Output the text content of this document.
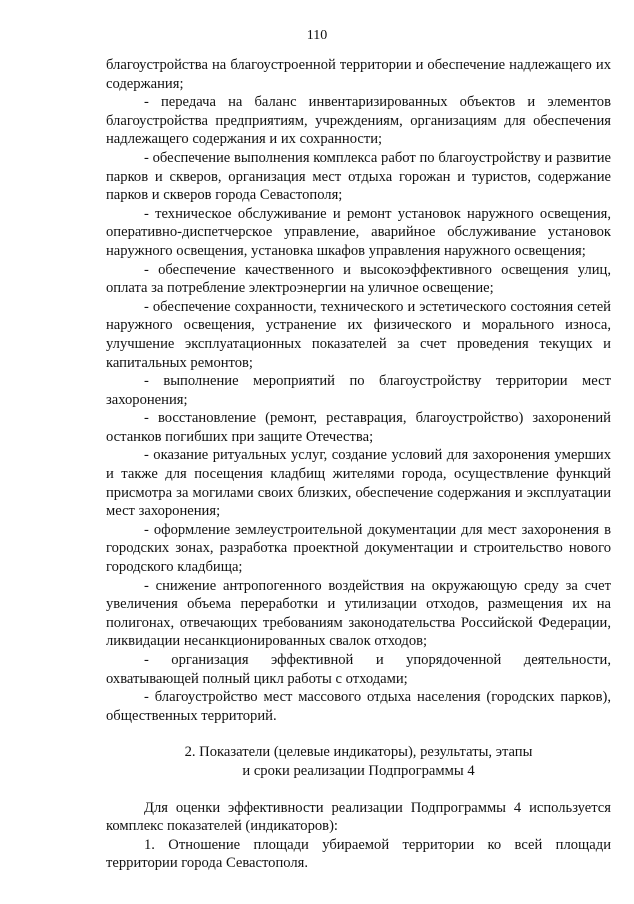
110

благоустройства на благоустроенной территории и обеспечение надлежащего их содержания;

- передача на баланс инвентаризированных объектов и элементов благоустройства предприятиям, учреждениям, организациям для обеспечения надлежащего содержания и их сохранности;

- обеспечение выполнения комплекса работ по благоустройству и развитие парков и скверов, организация мест отдыха горожан и туристов, содержание парков и скверов города Севастополя;

- техническое обслуживание и ремонт установок наружного освещения, оперативно-диспетчерское управление, аварийное обслуживание установок наружного освещения, установка шкафов управления наружного освещения;

- обеспечение качественного и высокоэффективного освещения улиц, оплата за потребление электроэнергии на уличное освещение;

- обеспечение сохранности, технического и эстетического состояния сетей наружного освещения, устранение их физического и морального износа, улучшение эксплуатационных показателей за счет проведения текущих и капитальных ремонтов;

- выполнение мероприятий по благоустройству территории мест захоронения;

- восстановление (ремонт, реставрация, благоустройство) захоронений останков погибших при защите Отечества;

- оказание ритуальных услуг, создание условий для захоронения умерших и также для посещения кладбищ жителями города, осуществление функций присмотра за могилами своих близких, обеспечение содержания и эксплуатации мест захоронения;

- оформление землеустроительной документации для мест захоронения в городских зонах, разработка проектной документации и строительство нового городского кладбища;

- снижение антропогенного воздействия на окружающую среду за счет увеличения объема переработки и утилизации отходов, размещения их на полигонах, отвечающих требованиям законодательства Российской Федерации, ликвидации несанкционированных свалок отходов;

- организация эффективной и упорядоченной деятельности, охватывающей полный цикл работы с отходами;

- благоустройство мест массового отдыха населения (городских парков), общественных территорий.

2. Показатели (целевые индикаторы), результаты, этапы

и сроки реализации Подпрограммы 4

Для оценки эффективности реализации Подпрограммы 4 используется комплекс показателей (индикаторов):

1. Отношение площади убираемой территории ко всей площади территории города Севастополя.
